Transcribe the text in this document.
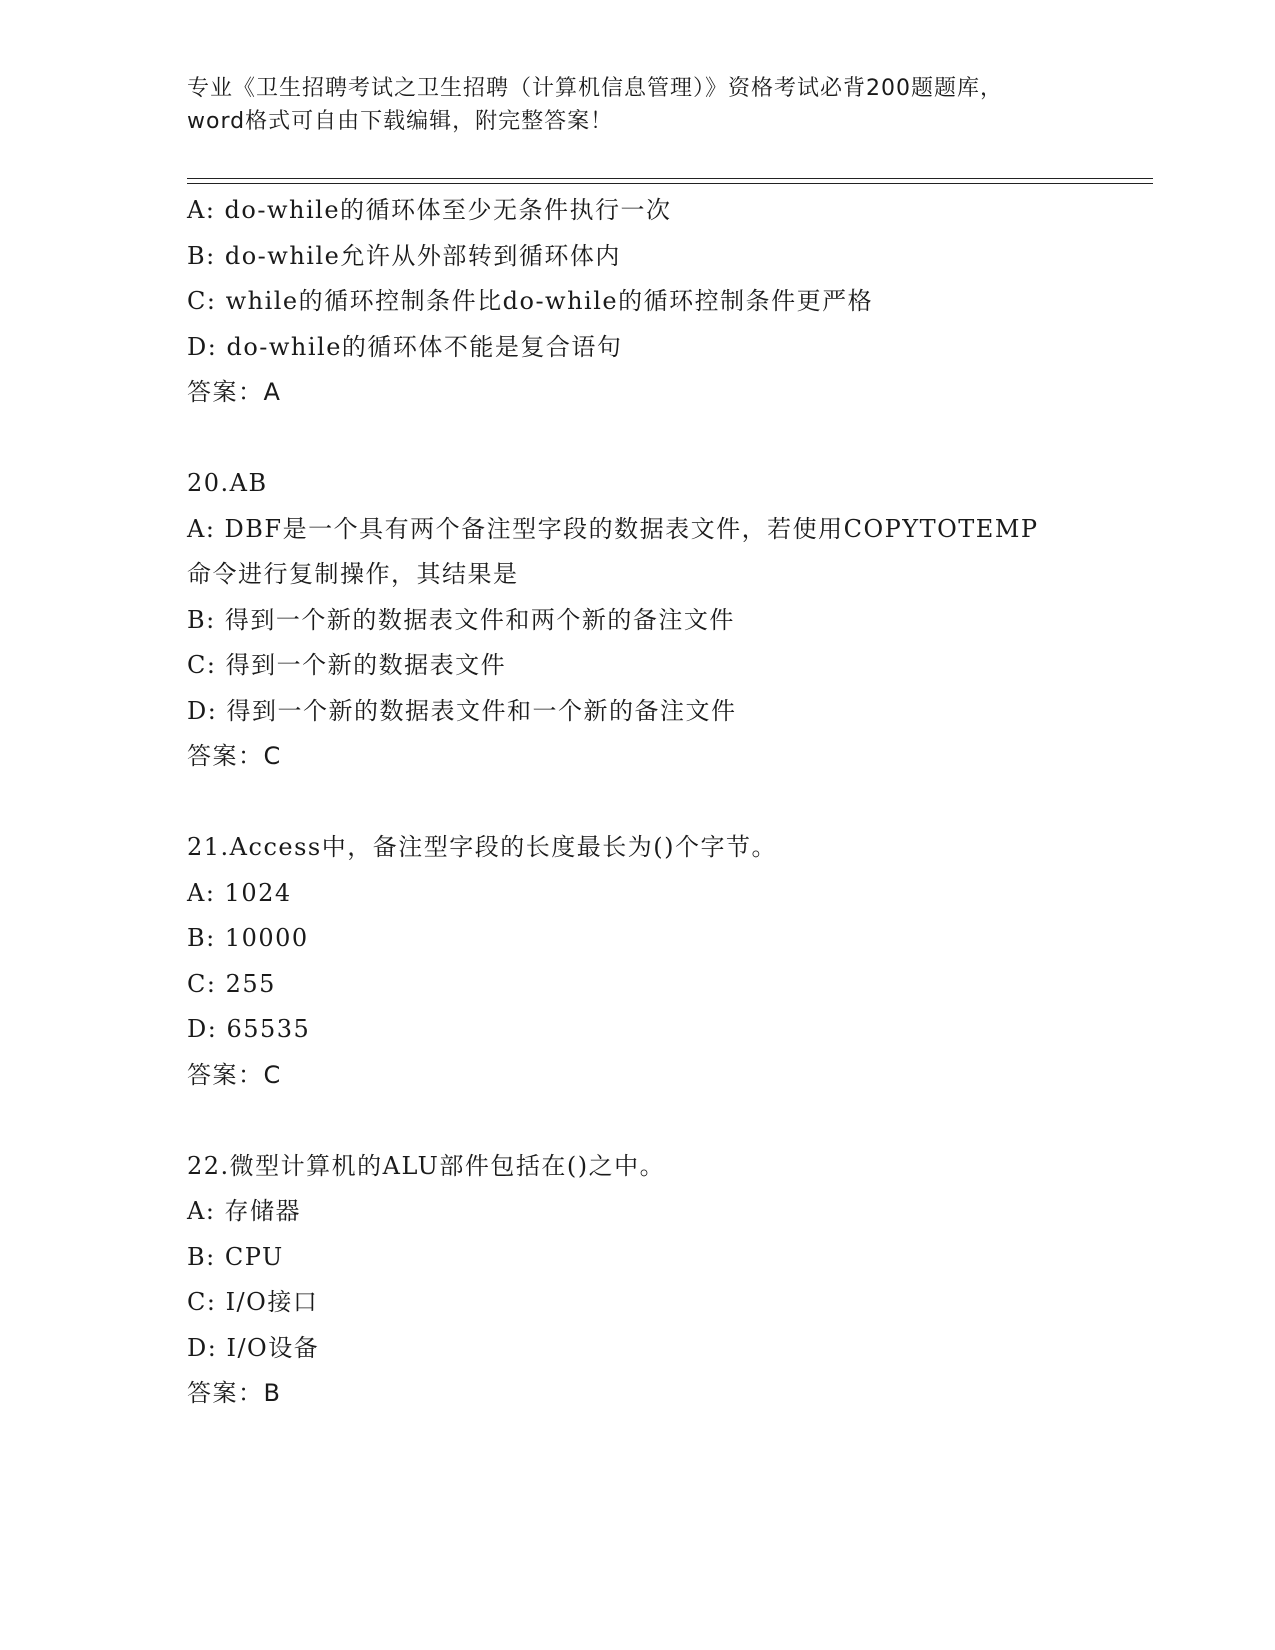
专业《卫生招聘考试之卫生招聘（计算机信息管理）》资格考试必背200题题库，
word格式可自由下载编辑，附完整答案！
A: do-while的循环体至少无条件执行一次
B: do-while允许从外部转到循环体内
C: while的循环控制条件比do-while的循环控制条件更严格
D: do-while的循环体不能是复合语句
答案：A
20.AB
A: DBF是一个具有两个备注型字段的数据表文件，若使用COPYTOTEMP
命令进行复制操作，其结果是
B: 得到一个新的数据表文件和两个新的备注文件
C: 得到一个新的数据表文件
D: 得到一个新的数据表文件和一个新的备注文件
答案：C
21.Access中，备注型字段的长度最长为()个字节。
A: 1024
B: 10000
C: 255
D: 65535
答案：C
22.微型计算机的ALU部件包括在()之中。
A: 存储器
B: CPU
C: I/O接口
D: I/O设备
答案：B
